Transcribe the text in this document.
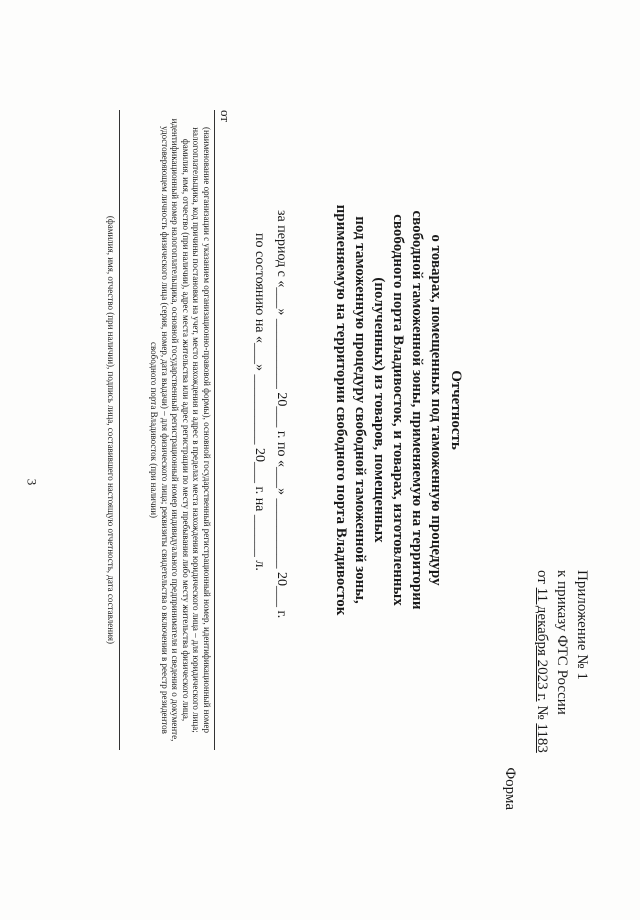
3
Приложение № 1
к приказу ФТС России
от 11 декабря 2023 г. № 1183
Форма
Отчетность
о товарах, помещенных под таможенную процедуру
свободной таможенной зоны, применяемую на территории
свободного порта Владивосток, и товарах, изготовленных
(полученных) из товаров, помещенных
под таможенную процедуру свободной таможенной зоны,
применяемую на территории свободного порта Владивосток
за период с «___» __________ 20___ г. по «___» __________ 20___ г.
по состоянию на «___» __________ 20___ г. на ______ л.
от
(наименование организации с указанием организационно-правовой формы), основной государственный регистрационный номер, идентификационный номер налогоплательщика, код причины постановки на учет, место нахождения и адрес в пределах места нахождения юридического лица – для юридического лица; фамилия, имя, отчество (при наличии), адрес места жительства или адрес регистрации по месту пребывания либо месту жительства физического лица, идентификационный номер налогоплательщика, основной государственный регистрационный номер индивидуального предпринимателя и сведения о документе, удостоверяющем личность физического лица (серия, номер, дата выдачи) – для физического лица; реквизиты свидетельства о включении в реестр резидентов свободного порта Владивосток (при наличии)
(фамилия, имя, отчество (при наличии), подпись лица, составившего настоящую отчетность, дата составления)
